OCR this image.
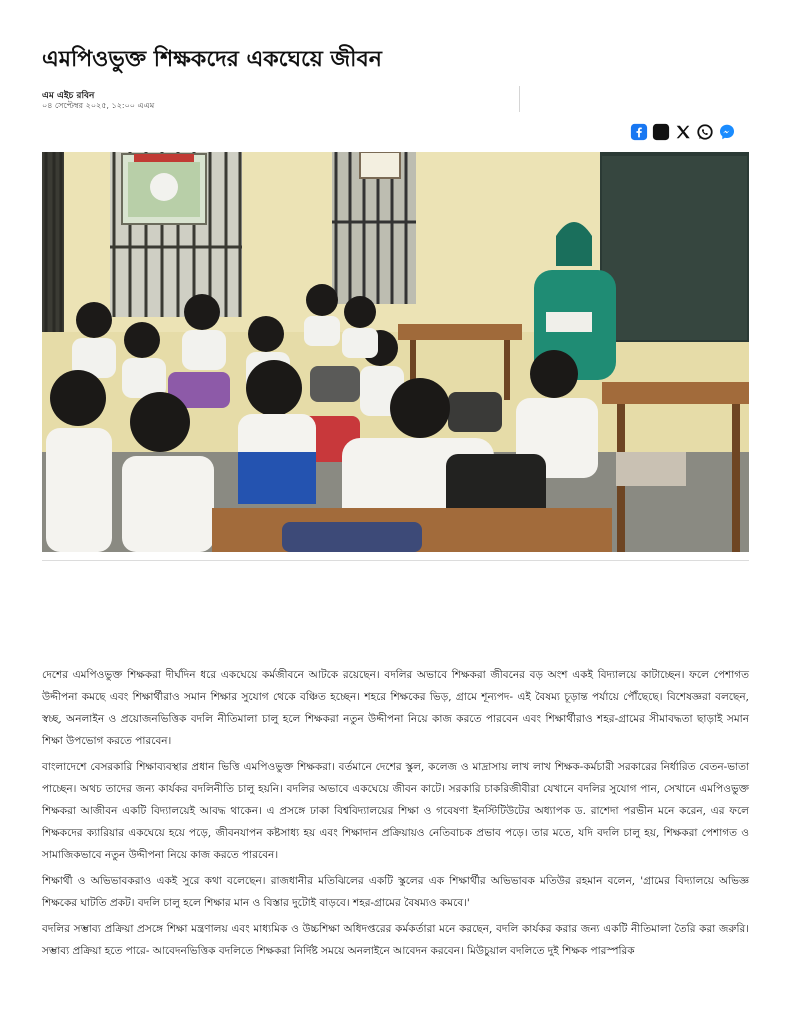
এমপিওভুক্ত শিক্ষকদের একঘেয়ে জীবন
এম এইচ রবিন
০৪ সেপ্টেম্বর ২০২৫, ১২:০০ এএম

দেশের এমপিওভুক্ত শিক্ষকরা দীর্ঘদিন ধরে একঘেয়ে কর্মজীবনে আটকে রয়েছেন। বদলির অভাবে শিক্ষকরা জীবনের বড় অংশ একই বিদ্যালয়ে কাটাচ্ছেন। ফলে পেশাগত উদ্দীপনা কমছে এবং শিক্ষার্থীরাও সমান শিক্ষার সুযোগ থেকে বঞ্চিত হচ্ছেন। শহরে শিক্ষকের ভিড়, গ্রামে শূন্যপদ- এই বৈষম্য চূড়ান্ত পর্যায়ে পৌঁছেছে। বিশেষজ্ঞরা বলছেন, স্বচ্ছ, অনলাইন ও প্রয়োজনভিত্তিক বদলি নীতিমালা চালু হলে শিক্ষকরা নতুন উদ্দীপনা নিয়ে কাজ করতে পারবেন এবং শিক্ষার্থীরাও শহর-গ্রামের সীমাবদ্ধতা ছাড়াই সমান শিক্ষা উপভোগ করতে পারবেন।

বাংলাদেশে বেসরকারি শিক্ষাব্যবস্থার প্রধান ভিত্তি এমপিওভুক্ত শিক্ষকরা। বর্তমানে দেশের স্কুল, কলেজ ও মাদ্রাসায় লাখ লাখ শিক্ষক-কর্মচারী সরকারের নির্ধারিত বেতন-ভাতা পাচ্ছেন। অথচ তাদের জন্য কার্যকর বদলিনীতি চালু হয়নি। বদলির অভাবে একঘেয়ে জীবন কাটে। সরকারি চাকরিজীবীরা যেখানে বদলির সুযোগ পান, সেখানে এমপিওভুক্ত শিক্ষকরা আজীবন একটি বিদ্যালয়েই আবদ্ধ থাকেন। এ প্রসঙ্গে ঢাকা বিশ্ববিদ্যালয়ের শিক্ষা ও গবেষণা ইনস্টিটিউটের অধ্যাপক ড. রাশেদা পরভীন মনে করেন, এর ফলে শিক্ষকদের ক্যারিয়ার একঘেয়ে হয়ে পড়ে, জীবনযাপন কষ্টসাধ্য হয় এবং শিক্ষাদান প্রক্রিয়ায়ও নেতিবাচক প্রভাব পড়ে। তার মতে, যদি বদলি চালু হয়, শিক্ষকরা পেশাগত ও সামাজিকভাবে নতুন উদ্দীপনা নিয়ে কাজ করতে পারবেন।

শিক্ষার্থী ও অভিভাবকরাও একই সুরে কথা বলেছেন। রাজধানীর মতিঝিলের একটি স্কুলের এক শিক্ষার্থীর অভিভাবক মতিউর রহমান বলেন, 'গ্রামের বিদ্যালয়ে অভিজ্ঞ শিক্ষকের ঘাটতি প্রকট। বদলি চালু হলে শিক্ষার মান ও বিস্তার দুটোই বাড়বে। শহর-গ্রামের বৈষম্যও কমবে।'

বদলির সম্ভাব্য প্রক্রিয়া প্রসঙ্গে শিক্ষা মন্ত্রণালয় এবং মাধ্যমিক ও উচ্চশিক্ষা অধিদপ্তরের কর্মকর্তারা মনে করছেন, বদলি কার্যকর করার জন্য একটি নীতিমালা তৈরি করা জরুরি। সম্ভাব্য প্রক্রিয়া হতে পারে- আবেদনভিত্তিক বদলিতে শিক্ষকরা নির্দিষ্ট সময়ে অনলাইনে আবেদন করবেন। মিউচুয়াল বদলিতে দুই শিক্ষক পারস্পরিক
